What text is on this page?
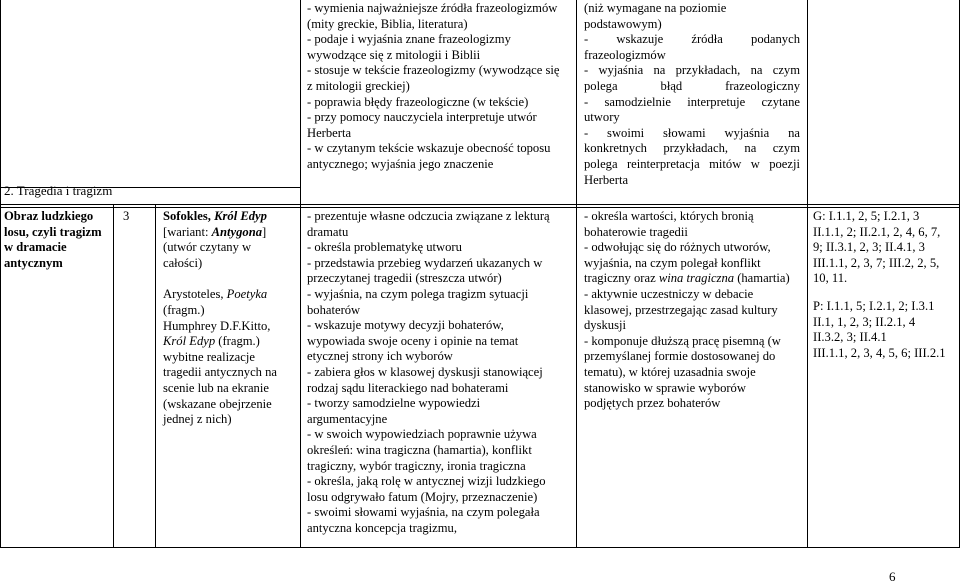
2. Tragedia i tragizm
- wymienia najważniejsze źródła frazeologizmów
(mity greckie, Biblia, literatura)
- podaje i wyjaśnia znane frazeologizmy
wywodzące się z mitologii i Biblii
- stosuje w tekście frazeologizmy (wywodzące się
z mitologii greckiej)
- poprawia błędy frazeologiczne (w tekście)
- przy pomocy nauczyciela interpretuje utwór
Herberta
- w czytanym tekście wskazuje obecność toposu
antycznego; wyjaśnia jego znaczenie
(niż wymagane na poziomie
podstawowym)
- wskazuje źródła podanych
frazeologizmów
- wyjaśnia na przykładach, na czym
polega błąd frazeologiczny
- samodzielnie interpretuje czytane
utwory
- swoimi słowami wyjaśnia na
konkretnych przykładach, na czym
polega reinterpretacja mitów w poezji
Herberta
Obraz ludzkiego
losu, czyli tragizm
w dramacie
antycznym
3	Sofokles, Król Edyp
[wariant: Antygona]
(utwór czytany w
całości)
Arystoteles, Poetyka
(fragm.)
Humphrey D.F.Kitto,
Król Edyp (fragm.)
wybitne realizacje
tragedii antycznych na
scenie lub na ekranie
(wskazane obejrzenie
jednej z nich)
- prezentuje własne odczucia związane z lekturą
dramatu
- określa problematykę utworu
- przedstawia przebieg wydarzeń ukazanych w
przeczytanej tragedii (streszcza utwór)
- wyjaśnia, na czym polega tragizm sytuacji
bohaterów
- wskazuje motywy decyzji bohaterów,
wypowiada swoje oceny i opinie na temat
etycznej strony ich wyborów
- zabiera głos w klasowej dyskusji stanowiącej
rodzaj sądu literackiego nad bohaterami
- tworzy samodzielne wypowiedzi
argumentacyjne
- w swoich wypowiedziach poprawnie używa
określeń: wina tragiczna (hamartia), konflikt
tragiczny, wybór tragiczny, ironia tragiczna
- określa, jaką rolę w antycznej wizji ludzkiego
losu odgrywało fatum (Mojry, przeznaczenie)
- swoimi słowami wyjaśnia, na czym polegała
antyczna koncepcja tragizmu,
- określa wartości, których bronią
bohaterowie tragedii
- odwołując się do różnych utworów,
wyjaśnia, na czym polegał konflikt
tragiczny oraz wina tragiczna (hamartia)
- aktywnie uczestniczy w debacie
klasowej, przestrzegając zasad kultury
dyskusji
- komponuje dłuższą pracę pisemną (w
przemyślanej formie dostosowanej do
tematu), w której uzasadnia swoje
stanowisko w sprawie wyborów
podjętych przez bohaterów
G: I.1.1, 2, 5; I.2.1, 3
II.1.1, 2; II.2.1, 2, 4, 6, 7,
9; II.3.1, 2, 3; II.4.1, 3
III.1.1, 2, 3, 7; III.2, 2, 5,
10, 11.
P: I.1.1, 5; I.2.1, 2; I.3.1
II.1, 1, 2, 3; II.2.1, 4
II.3.2, 3; II.4.1
III.1.1, 2, 3, 4, 5, 6; III.2.1
6
